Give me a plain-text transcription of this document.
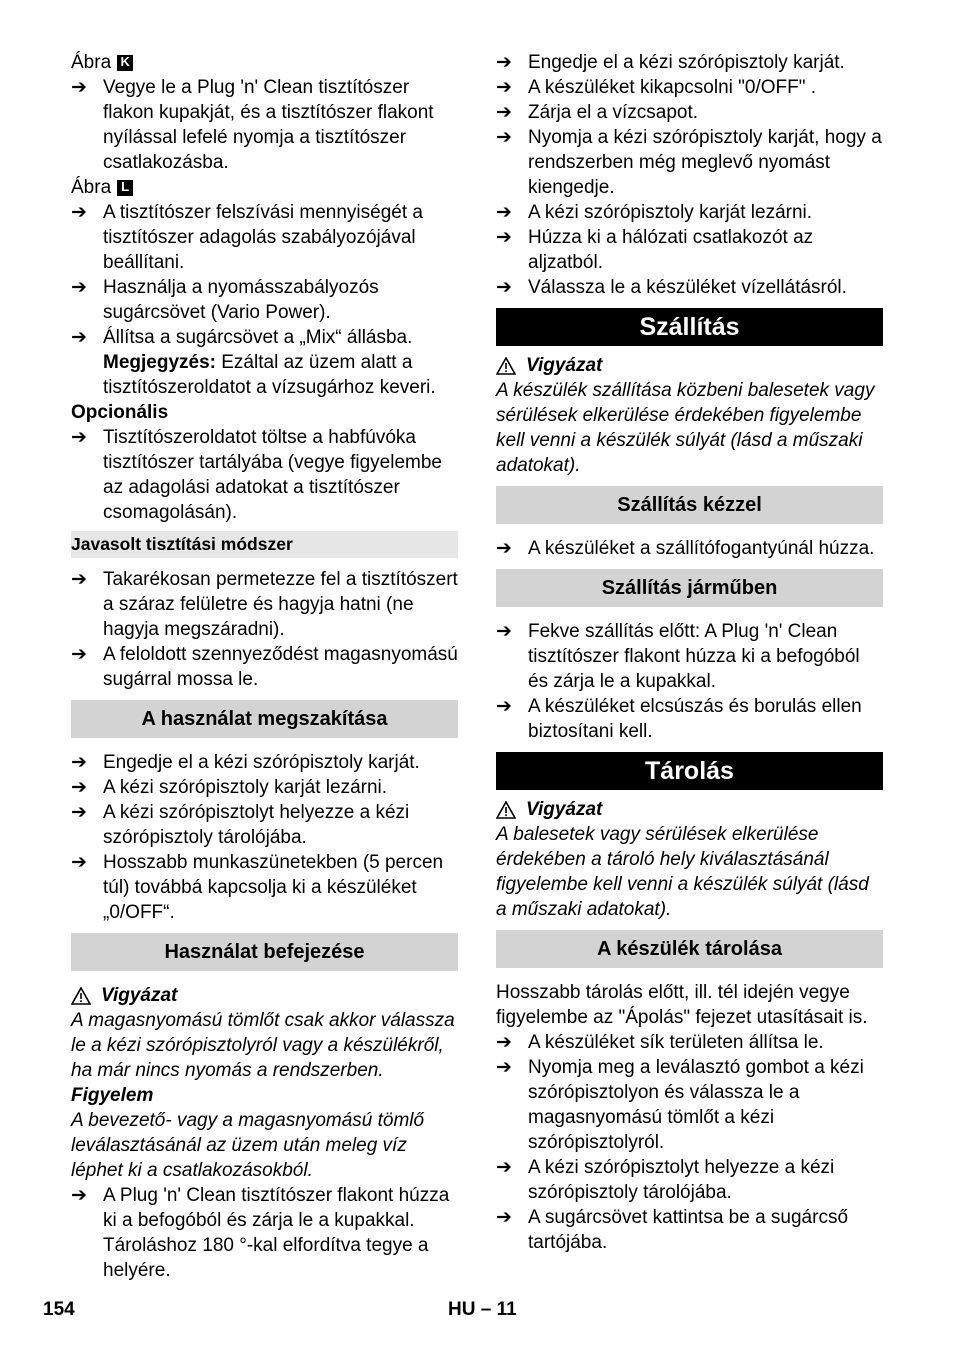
Ábra K
➔ Vegye le a Plug 'n' Clean tisztítószer flakon kupakját, és a tisztítószer flakont nyílással lefelé nyomja a tisztítószer csatlakozásba.
Ábra L
➔ A tisztítószer felszívási mennyiségét a tisztítószer adagolás szabályozójával beállítani.
➔ Használja a nyomásszabályozós sugárcsövet (Vario Power).
➔ Állítsa a sugárcsövet a „Mix“ állásba.
Megjegyzés: Ezáltal az üzem alatt a tisztítószeroldatot a vízsugárhoz keveri.
Opcionális
➔ Tisztítószeroldatot töltse a habfúvóka tisztítószer tartályába (vegye figyelembe az adagolási adatokat a tisztítószer csomagolásán).
Javasolt tisztítási módszer
➔ Takarékosan permetezze fel a tisztítószert a száraz felületre és hagyja hatni (ne hagyja megszáradni).
➔ A feloldott szennyeződést magasnyomású sugárral mossa le.
A használat megszakítása
➔ Engedje el a kézi szórópisztoly karját.
➔ A kézi szórópisztoly karját lezárni.
➔ A kézi szórópisztolyt helyezze a kézi szórópisztoly tárolójába.
➔ Hosszabb munkaszünetekben (5 percen túl) továbbá kapcsolja ki a készüléket „0/OFF“.
Használat befejezése
Vigyázat
A magasnyomású tömlőt csak akkor válassza le a kézi szórópisztolyról vagy a készülékről, ha már nincs nyomás a rendszerben.
Figyelem
A bevezető- vagy a magasnyomású tömlő leválasztásánál az üzem után meleg víz léphet ki a csatlakozásokból.
➔ A Plug 'n' Clean tisztítószer flakont húzza ki a befogóból és zárja le a kupakkal. Tároláshoz 180 °-kal elfordítva tegye a helyére.
➔ Engedje el a kézi szórópisztoly karját.
➔ A készüléket kikapcsolni "0/OFF" .
➔ Zárja el a vízcsapot.
➔ Nyomja a kézi szórópisztoly karját, hogy a rendszerben még meglevő nyomást kiengedje.
➔ A kézi szórópisztoly karját lezárni.
➔ Húzza ki a hálózati csatlakozót az aljzatból.
➔ Válassza le a készüléket vízellátásról.
Szállítás
Vigyázat
A készülék szállítása közbeni balesetek vagy sérülések elkerülése érdekében figyelembe kell venni a készülék súlyát (lásd a műszaki adatokat).
Szállítás kézzel
➔ A készüléket a szállítófogantyúnál húzza.
Szállítás járműben
➔ Fekve szállítás előtt: A Plug 'n' Clean tisztítószer flakont húzza ki a befogóból és zárja le a kupakkal.
➔ A készüléket elcsúszás és borulás ellen biztosítani kell.
Tárolás
Vigyázat
A balesetek vagy sérülések elkerülése érdekében a tároló hely kiválasztásánál figyelembe kell venni a készülék súlyát (lásd a műszaki adatokat).
A készülék tárolása
Hosszabb tárolás előtt, ill. tél idején vegye figyelembe az "Ápolás" fejezet utasításait is.
➔ A készüléket sík területen állítsa le.
➔ Nyomja meg a leválasztó gombot a kézi szórópisztolyon és válassza le a magasnyomású tömlőt a kézi szórópisztolyról.
➔ A kézi szórópisztolyt helyezze a kézi szórópisztoly tárolójába.
➔ A sugárcsövet kattintsa be a sugárcső tartójába.
154	HU – 11
